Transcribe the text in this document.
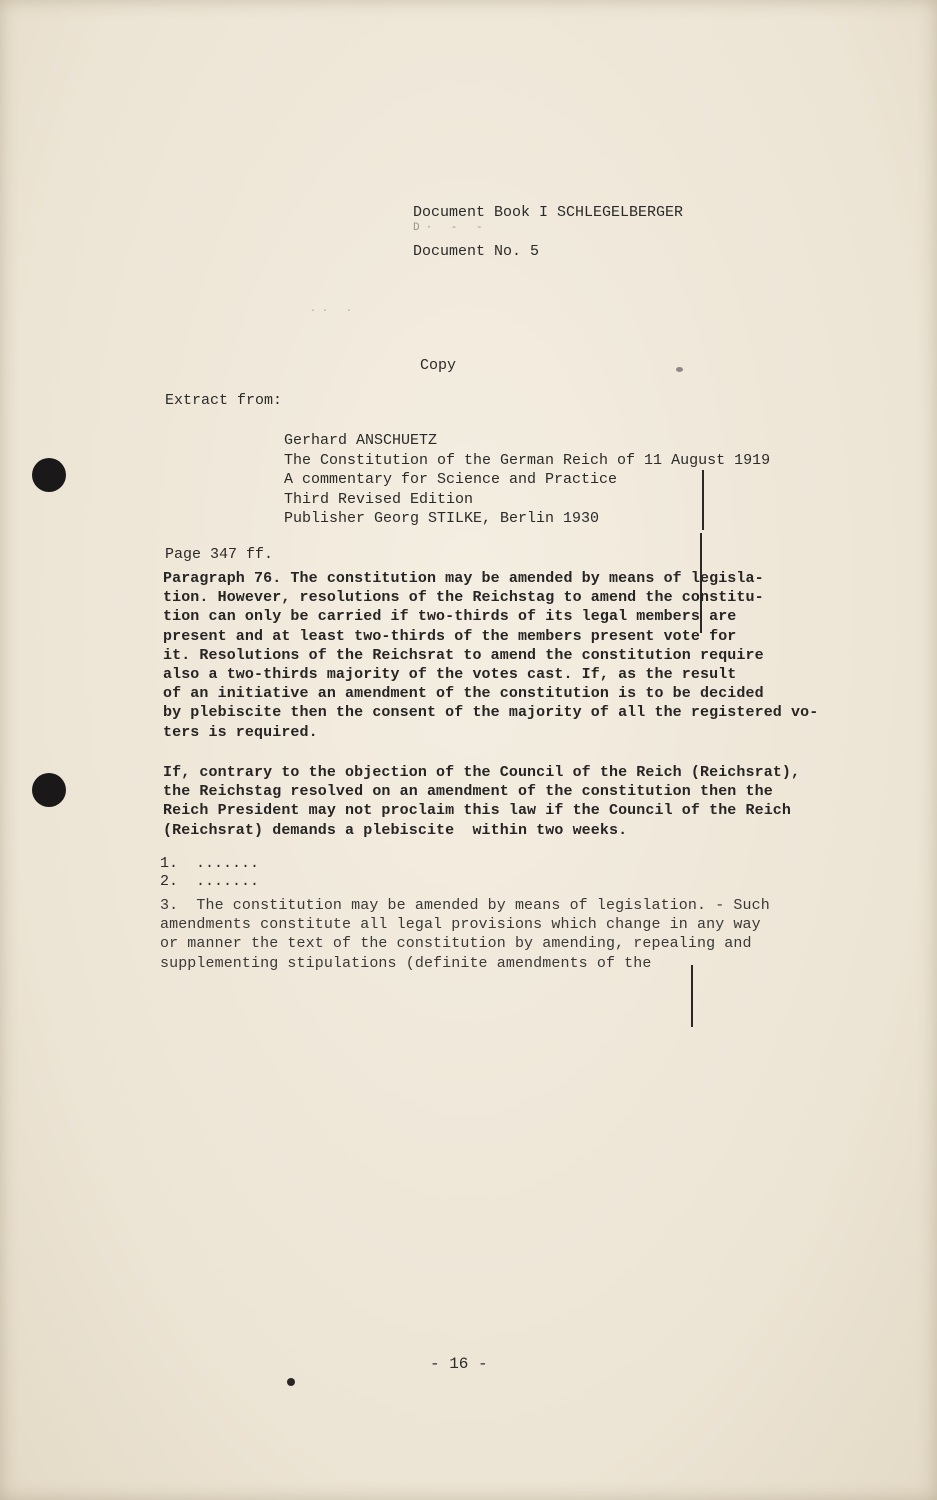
Document Book I SCHLEGELBERGER
Document No. 5
D· ‐ ‐
·· ·
Copy
Extract from:
Gerhard ANSCHUETZ
The Constitution of the German Reich of 11 August 1919
A commentary for Science and Practice
Third Revised Edition
Publisher Georg STILKE, Berlin 1930
Page 347 ff.
Paragraph 76. The constitution may be amended by means of legisla-
tion. However, resolutions of the Reichstag to amend the constitu-
tion can only be carried if two-thirds of its legal members are
present and at least two-thirds of the members present vote for
it. Resolutions of the Reichsrat to amend the constitution require
also a two-thirds majority of the votes cast. If, as the result
of an initiative an amendment of the constitution is to be decided
by plebiscite then the consent of the majority of all the registered vo-
ters is required.
If, contrary to the objection of the Council of the Reich (Reichsrat),
the Reichstag resolved on an amendment of the constitution then the
Reich President may not proclaim this law if the Council of the Reich
(Reichsrat) demands a plebiscite  within two weeks.
1.  .......
2.  .......
3.  The constitution may be amended by means of legislation. - Such
amendments constitute all legal provisions which change in any way
or manner the text of the constitution by amending, repealing and
supplementing stipulations (definite amendments of the
- 16 -
